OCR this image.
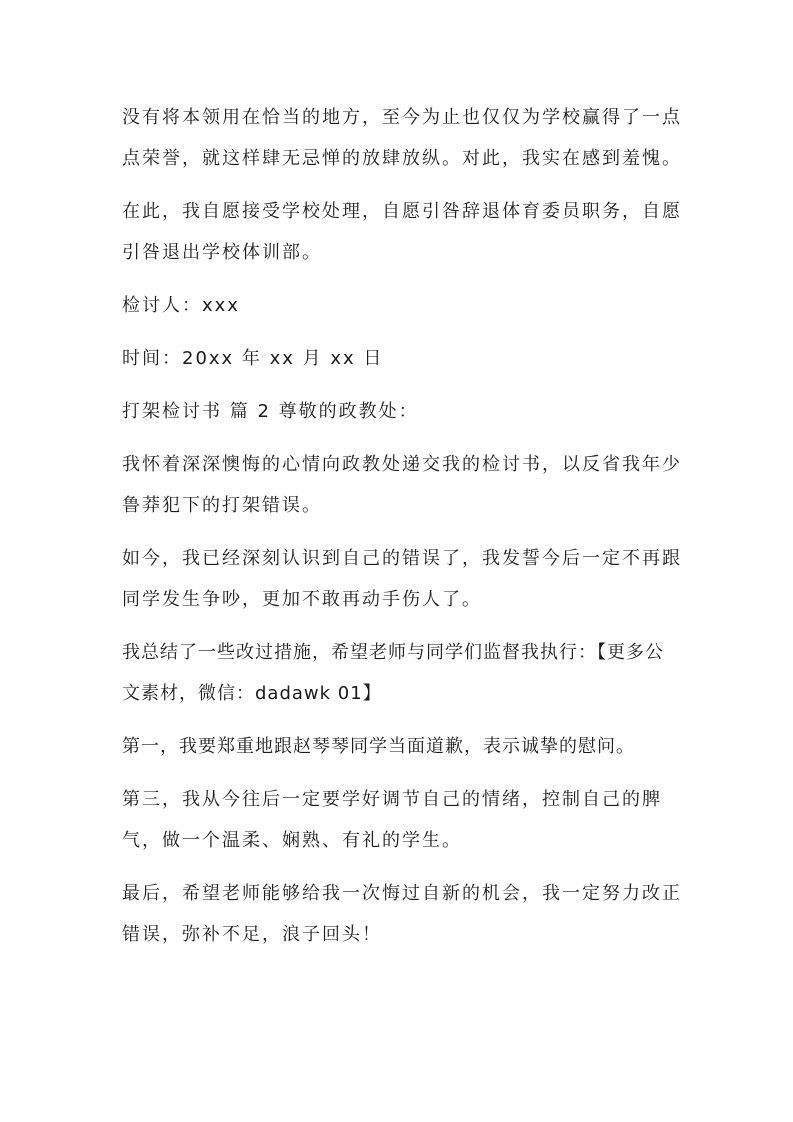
没有将本领用在恰当的地方，至今为止也仅仅为学校赢得了一点点荣誉，就这样肆无忌惮的放肆放纵。对此，我实在感到羞愧。

在此，我自愿接受学校处理，自愿引咎辞退体育委员职务，自愿引咎退出学校体训部。

检讨人：xxx

时间：20xx 年 xx 月 xx 日

打架检讨书 篇 2 尊敬的政教处：

我怀着深深懊悔的心情向政教处递交我的检讨书，以反省我年少鲁莽犯下的打架错误。

如今，我已经深刻认识到自己的错误了，我发誓今后一定不再跟同学发生争吵，更加不敢再动手伤人了。

我总结了一些改过措施，希望老师与同学们监督我执行：【更多公文素材，微信：dadawk 01】

第一，我要郑重地跟赵琴琴同学当面道歉，表示诚挚的慰问。

第三，我从今往后一定要学好调节自己的情绪，控制自己的脾气，做一个温柔、娴熟、有礼的学生。

最后，希望老师能够给我一次悔过自新的机会，我一定努力改正错误，弥补不足，浪子回头！
